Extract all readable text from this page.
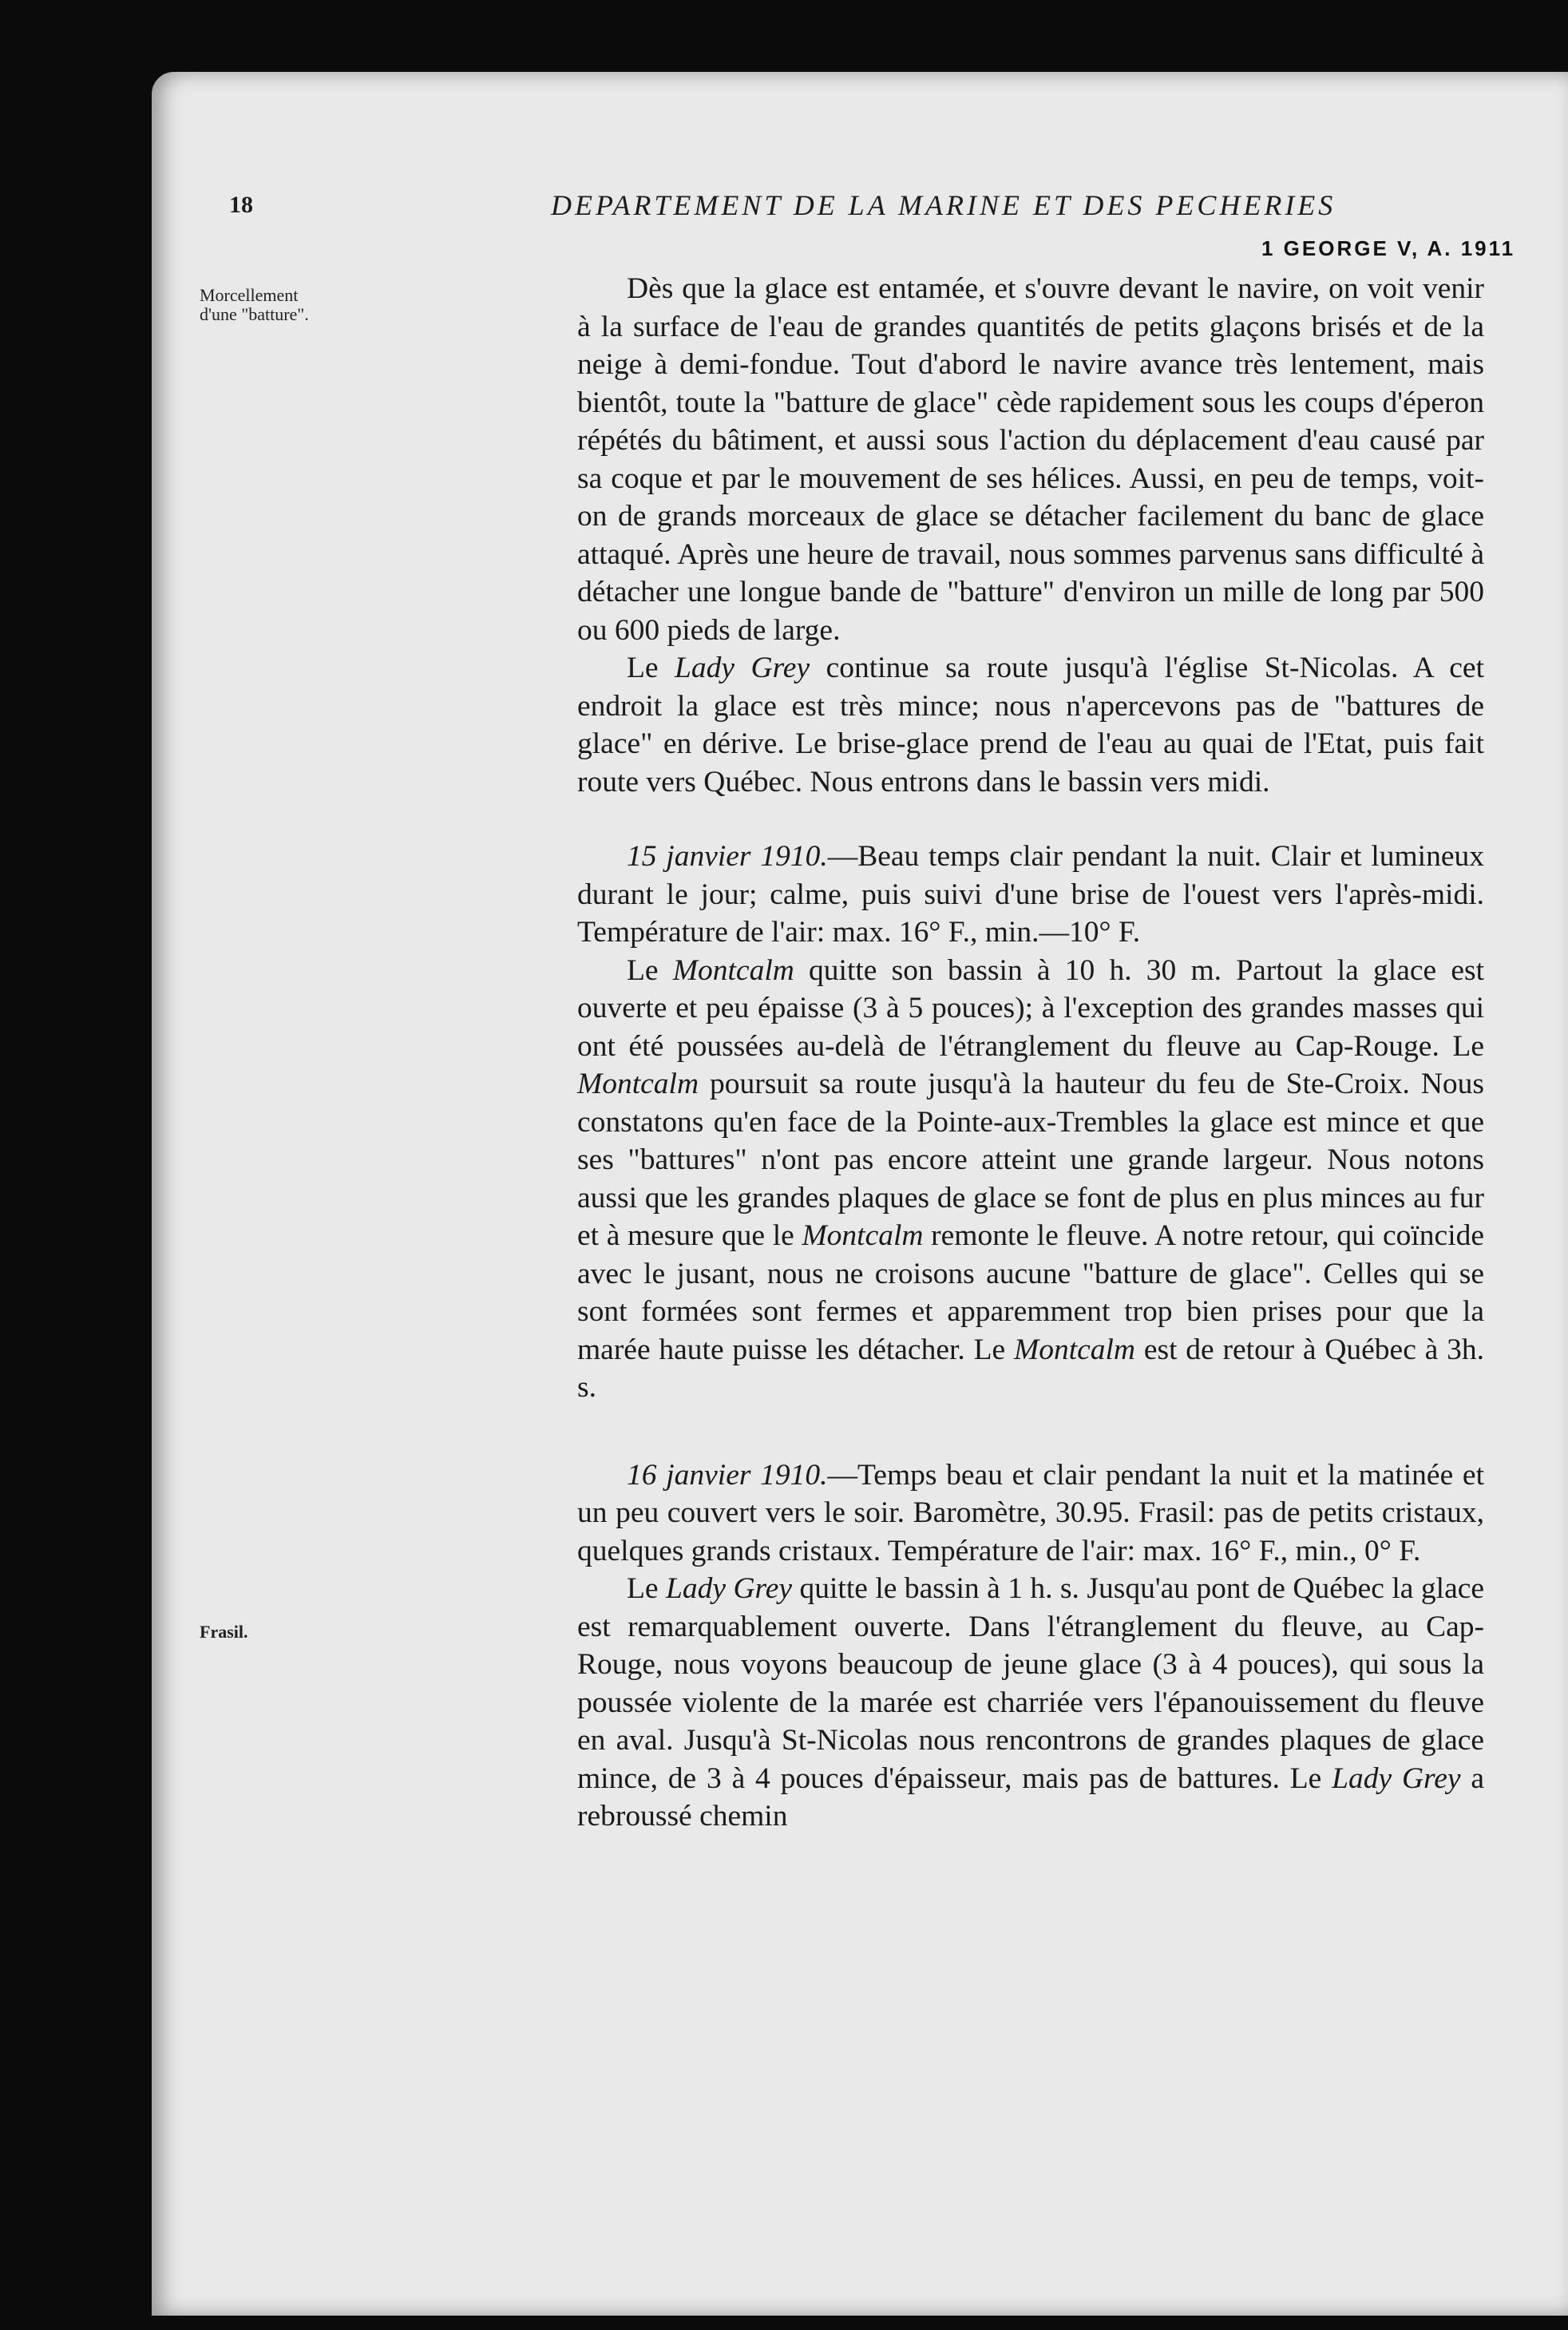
18	DEPARTEMENT DE LA MARINE ET DES PECHERIES
1 GEORGE V, A. 1911
Morcellement d'une "batture".
Frasil.

Dès que la glace est entamée, et s'ouvre devant le navire, on voit venir à la surface de l'eau de grandes quantités de petits glaçons brisés et de la neige à demi-fondue. Tout d'abord le navire avance très lentement, mais bientôt, toute la "batture de glace" cède rapidement sous les coups d'éperon répétés du bâtiment, et aussi sous l'action du déplacement d'eau causé par sa coque et par le mouvement de ses hélices. Aussi, en peu de temps, voit-on de grands morceaux de glace se détacher facilement du banc de glace attaqué. Après une heure de travail, nous sommes parvenus sans difficulté à détacher une longue bande de "batture" d'environ un mille de long par 500 ou 600 pieds de large.

Le Lady Grey continue sa route jusqu'à l'église St-Nicolas. A cet endroit la glace est très mince; nous n'apercevons pas de "battures de glace" en dérive. Le brise-glace prend de l'eau au quai de l'Etat, puis fait route vers Québec. Nous entrons dans le bassin vers midi.

15 janvier 1910.—Beau temps clair pendant la nuit. Clair et lumineux durant le jour; calme, puis suivi d'une brise de l'ouest vers l'après-midi. Température de l'air: max. 16° F., min.—10° F.

Le Montcalm quitte son bassin à 10 h. 30 m. Partout la glace est ouverte et peu épaisse (3 à 5 pouces); à l'exception des grandes masses qui ont été poussées au-delà de l'étranglement du fleuve au Cap-Rouge. Le Montcalm poursuit sa route jusqu'à la hauteur du feu de Ste-Croix. Nous constatons qu'en face de la Pointe-aux-Trembles la glace est mince et que ses "battures" n'ont pas encore atteint une grande largeur. Nous notons aussi que les grandes plaques de glace se font de plus en plus minces au fur et à mesure que le Montcalm remonte le fleuve. A notre retour, qui coïncide avec le jusant, nous ne croisons aucune "batture de glace". Celles qui se sont formées sont fermes et apparemment trop bien prises pour que la marée haute puisse les détacher. Le Montcalm est de retour à Québec à 3h. s.

16 janvier 1910.—Temps beau et clair pendant la nuit et la matinée et un peu couvert vers le soir. Baromètre, 30.95. Frasil: pas de petits cristaux, quelques grands cristaux. Température de l'air: max. 16° F., min., 0° F.

Le Lady Grey quitte le bassin à 1 h. s. Jusqu'au pont de Québec la glace est remarquablement ouverte. Dans l'étranglement du fleuve, au Cap-Rouge, nous voyons beaucoup de jeune glace (3 à 4 pouces), qui sous la poussée violente de la marée est charriée vers l'épanouissement du fleuve en aval. Jusqu'à St-Nicolas nous rencontrons de grandes plaques de glace mince, de 3 à 4 pouces d'épaisseur, mais pas de battures. Le Lady Grey a rebroussé chemin
